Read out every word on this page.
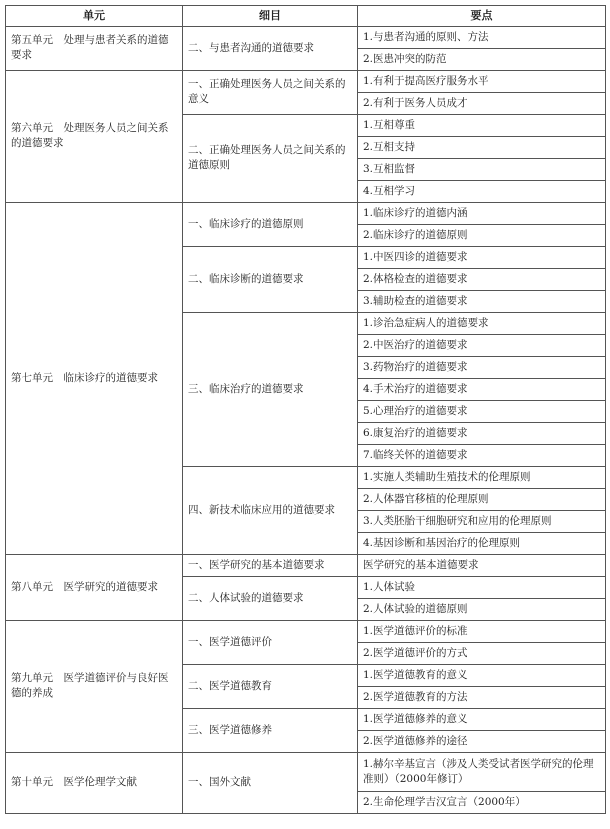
单元	细目	要点
第五单元　处理与患者关系的道德要求	二、与患者沟通的道德要求	1.与患者沟通的原则、方法
		2.医患冲突的防范
第六单元　处理医务人员之间关系的道德要求	一、正确处理医务人员之间关系的意义	1.有利于提高医疗服务水平
		2.有利于医务人员成才
	二、正确处理医务人员之间关系的道德原则	1.互相尊重
		2.互相支持
		3.互相监督
		4.互相学习
第七单元　临床诊疗的道德要求	一、临床诊疗的道德原则	1.临床诊疗的道德内涵
		2.临床诊疗的道德原则
	二、临床诊断的道德要求	1.中医四诊的道德要求
		2.体格检查的道德要求
		3.辅助检查的道德要求
	三、临床治疗的道德要求	1.诊治急症病人的道德要求
		2.中医治疗的道德要求
		3.药物治疗的道德要求
		4.手术治疗的道德要求
		5.心理治疗的道德要求
		6.康复治疗的道德要求
		7.临终关怀的道德要求
	四、新技术临床应用的道德要求	1.实施人类辅助生殖技术的伦理原则
		2.人体器官移植的伦理原则
		3.人类胚胎干细胞研究和应用的伦理原则
		4.基因诊断和基因治疗的伦理原则
第八单元　医学研究的道德要求	一、医学研究的基本道德要求	医学研究的基本道德要求
	二、人体试验的道德要求	1.人体试验
		2.人体试验的道德原则
第九单元　医学道德评价与良好医德的养成	一、医学道德评价	1.医学道德评价的标准
		2.医学道德评价的方式
	二、医学道德教育	1.医学道德教育的意义
		2.医学道德教育的方法
	三、医学道德修养	1.医学道德修养的意义
		2.医学道德修养的途径
第十单元　医学伦理学文献	一、国外文献	1.赫尔辛基宣言（涉及人类受试者医学研究的伦理准则）（2000年修订）
		2.生命伦理学吉汉宣言（2000年）
